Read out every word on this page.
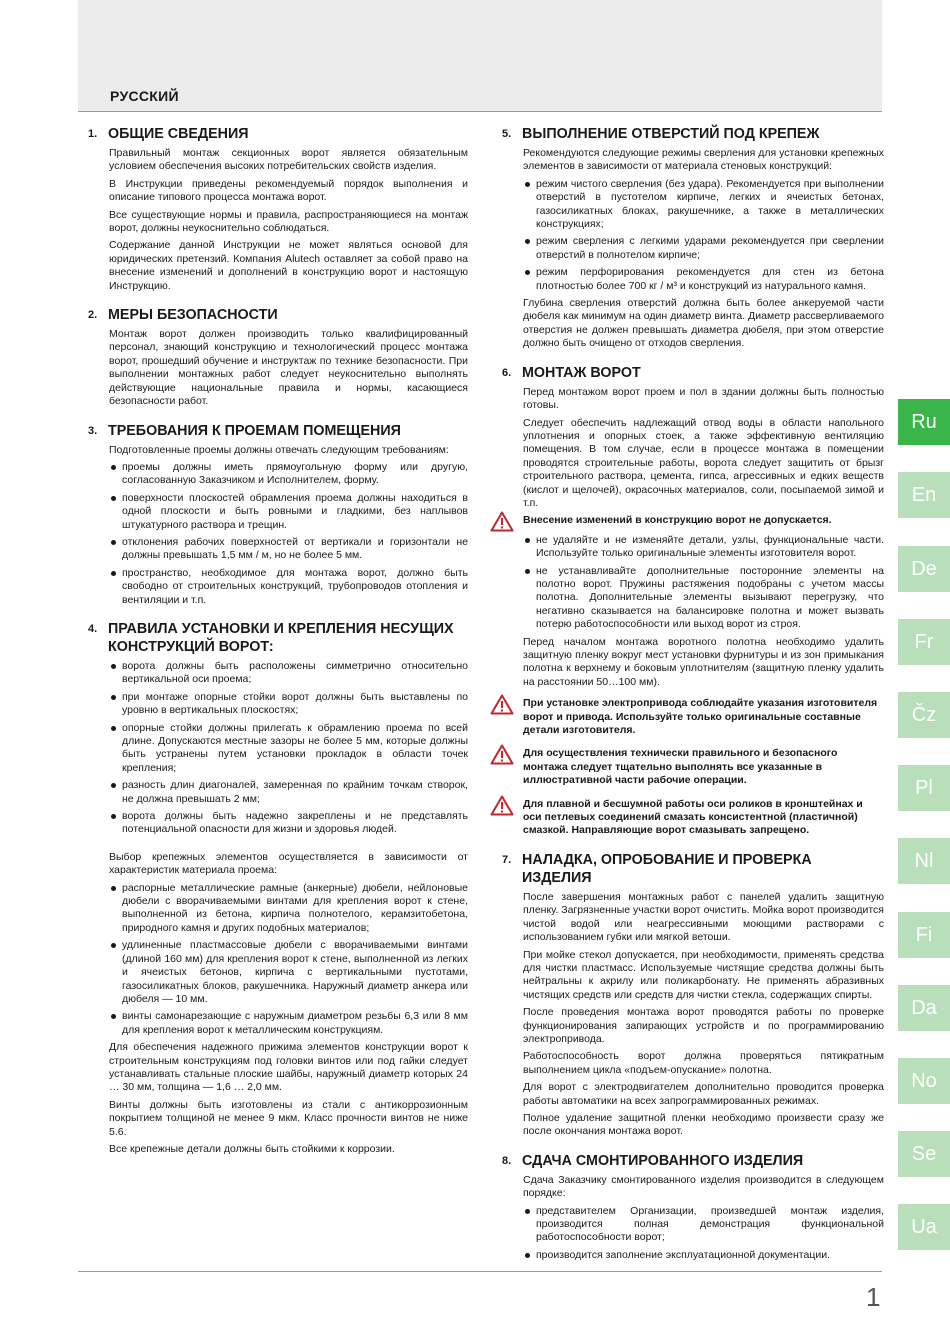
РУССКИЙ
1. ОБЩИЕ СВЕДЕНИЯ

Правильный монтаж секционных ворот является обязательным условием обеспечения высоких потребительских свойств изделия.

В Инструкции приведены рекомендуемый порядок выполнения и описание типового процесса монтажа ворот.

Все существующие нормы и правила, распространяющиеся на монтаж ворот, должны неукоснительно соблюдаться.

Содержание данной Инструкции не может являться основой для юридических претензий. Компания Alutech оставляет за собой право на внесение изменений и дополнений в конструкцию ворот и настоящую Инструкцию.

2. МЕРЫ БЕЗОПАСНОСТИ

Монтаж ворот должен производить только квалифицированный персонал, знающий конструкцию и технологический процесс монтажа ворот, прошедший обучение и инструктаж по технике безопасности. При выполнении монтажных работ следует неукоснительно выполнять действующие национальные правила и нормы, касающиеся безопасности работ.

3. ТРЕБОВАНИЯ К ПРОЕМАМ ПОМЕЩЕНИЯ

Подготовленные проемы должны отвечать следующим требованиям:

проемы должны иметь прямоугольную форму или другую, согласованную Заказчиком и Исполнителем, форму.
поверхности плоскостей обрамления проема должны находиться в одной плоскости и быть ровными и гладкими, без наплывов штукатурного раствора и трещин.
отклонения рабочих поверхностей от вертикали и горизонтали не должны превышать 1,5 мм / м, но не более 5 мм.
пространство, необходимое для монтажа ворот, должно быть свободно от строительных конструкций, трубопроводов отопления и вентиляции и т.п.
4. ПРАВИЛА УСТАНОВКИ И КРЕПЛЕНИЯ НЕСУЩИХ КОНСТРУКЦИЙ ВОРОТ:
ворота должны быть расположены симметрично относительно вертикальной оси проема;
при монтаже опорные стойки ворот должны быть выставлены по уровню в вертикальных плоскостях;
опорные стойки должны прилегать к обрамлению проема по всей длине. Допускаются местные зазоры не более 5 мм, которые должны быть устранены путем установки прокладок в области точек крепления;
разность длин диагоналей, замеренная по крайним точкам створок, не должна превышать 2 мм;
ворота должны быть надежно закреплены и не представлять потенциальной опасности для жизни и здоровья людей.

Выбор крепежных элементов осуществляется в зависимости от характеристик материала проема:

распорные металлические рамные (анкерные) дюбели, нейлоновые дюбели с вворачиваемыми винтами для крепления ворот к стене, выполненной из бетона, кирпича полнотелого, керамзитобетона, природного камня и других подобных материалов;
удлиненные пластмассовые дюбели с вворачиваемыми винтами (длиной 160 мм) для крепления ворот к стене, выполненной из легких и ячеистых бетонов, кирпича с вертикальными пустотами, газосиликатных блоков, ракушечника. Наружный диаметр анкера или дюбеля — 10 мм.
винты самонарезающие с наружным диаметром резьбы 6,3 или 8 мм для крепления ворот к металлическим конструкциям.

Для обеспечения надежного прижима элементов конструкции ворот к строительным конструкциям под головки винтов или под гайки следует устанавливать стальные плоские шайбы, наружный диаметр которых 24 … 30 мм, толщина — 1,6 … 2,0 мм.

Винты должны быть изготовлены из стали с антикоррозионным покрытием толщиной не менее 9 мкм. Класс прочности винтов не ниже 5.6.

Все крепежные детали должны быть стойкими к коррозии.

5. ВЫПОЛНЕНИЕ ОТВЕРСТИЙ ПОД КРЕПЕЖ

Рекомендуются следующие режимы сверления для установки крепежных элементов в зависимости от материала стеновых конструкций:

режим чистого сверления (без удара). Рекомендуется при выполнении отверстий в пустотелом кирпиче, легких и ячеистых бетонах, газосиликатных блоках, ракушечнике, а также в металлических конструкциях;
режим сверления с легкими ударами рекомендуется при сверлении отверстий в полнотелом кирпиче;
режим перфорирования рекомендуется для стен из бетона плотностью более 700 кг / м³ и конструкций из натурального камня.

Глубина сверления отверстий должна быть более анкеруемой части дюбеля как минимум на один диаметр винта. Диаметр рассверливаемого отверстия не должен превышать диаметра дюбеля, при этом отверстие должно быть очищено от отходов сверления.

6. МОНТАЖ ВОРОТ

Перед монтажом ворот проем и пол в здании должны быть полностью готовы.

Следует обеспечить надлежащий отвод воды в области напольного уплотнения и опорных стоек, а также эффективную вентиляцию помещения. В том случае, если в процессе монтажа в помещении проводятся строительные работы, ворота следует защитить от брызг строительного раствора, цемента, гипса, агрессивных и едких веществ (кислот и щелочей), окрасочных материалов, соли, посыпаемой зимой и т.п.

Внесение изменений в конструкцию ворот не допускается.
не удаляйте и не изменяйте детали, узлы, функциональные части. Используйте только оригинальные элементы изготовителя ворот.
не устанавливайте дополнительные посторонние элементы на полотно ворот. Пружины растяжения подобраны с учетом массы полотна. Дополнительные элементы вызывают перегрузку, что негативно сказывается на балансировке полотна и может вызвать потерю работоспособности или выход ворот из строя.

Перед началом монтажа воротного полотна необходимо удалить защитную пленку вокруг мест установки фурнитуры и из зон примыкания полотна к верхнему и боковым уплотнителям (защитную пленку удалить на расстоянии 50…100 мм).

При установке электропривода соблюдайте указания изготовителя ворот и привода. Используйте только оригинальные составные детали изготовителя.
Для осуществления технически правильного и безопасного монтажа следует тщательно выполнять все указанные в иллюстративной части рабочие операции.
Для плавной и бесшумной работы оси роликов в кронштейнах и оси петлевых соединений смазать консистентной (пластичной) смазкой. Направляющие ворот смазывать запрещено.
7. НАЛАДКА, ОПРОБОВАНИЕ И ПРОВЕРКА ИЗДЕЛИЯ

После завершения монтажных работ с панелей удалить защитную пленку. Загрязненные участки ворот очистить. Мойка ворот производится чистой водой или неагрессивными моющими растворами с использованием губки или мягкой ветоши.

При мойке стекол допускается, при необходимости, применять средства для чистки пластмасс. Используемые чистящие средства должны быть нейтральны к акрилу или поликарбонату. Не применять абразивных чистящих средств или средств для чистки стекла, содержащих спирты.

После проведения монтажа ворот проводятся работы по проверке функционирования запирающих устройств и по программированию электропривода.

Работоспособность ворот должна проверяться пятикратным выполнением цикла «подъем-опускание» полотна.

Для ворот с электродвигателем дополнительно проводится проверка работы автоматики на всех запрограммированных режимах.

Полное удаление защитной пленки необходимо произвести сразу же после окончания монтажа ворот.

8. СДАЧА СМОНТИРОВАННОГО ИЗДЕЛИЯ

Сдача Заказчику смонтированного изделия производится в следующем порядке:

представителем Организации, произведшей монтаж изделия, производится полная демонстрация функциональной работоспособности ворот;
производится заполнение эксплуатационной документации.
Ru
En
De
Fr
Čz
Pl
Nl
Fi
Da
No
Se
Ua
1
